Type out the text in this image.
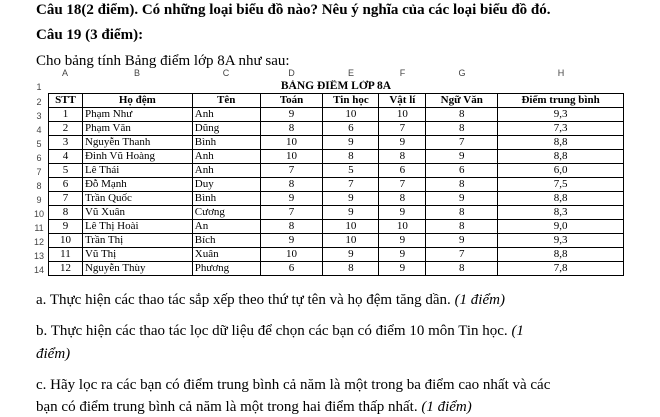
Câu 18(2 điểm). Có những loại biểu đồ nào? Nêu ý nghĩa của các loại biểu đồ đó.
Câu 19 (3 điểm):
Cho bảng tính Bảng điểm lớp 8A như sau:
A	B	C	D	E	F	G	H
1
2
3
4
5
6
7
8
9
10
11
12
13
14
BẢNG ĐIỂM LỚP 8A							
STT	Họ đệm	Tên	Toán	Tin học	Vật lí	Ngữ Văn	Điểm trung bình
1	Phạm Như	Anh	9	10	10	8	9,3
2	Phạm Văn	Dũng	8	6	7	8	7,3
3	Nguyễn Thanh	Bình	10	9	9	7	8,8
4	Đinh Vũ Hoàng	Anh	10	8	8	9	8,8
5	Lê Thái	Anh	7	5	6	6	6,0
6	Đỗ Mạnh	Duy	8	7	7	8	7,5
7	Trần Quốc	Bình	9	9	8	9	8,8
8	Vũ Xuân	Cương	7	9	9	8	8,3
9	Lê Thị Hoài	An	8	10	10	8	9,0
10	Trần Thị	Bích	9	10	9	9	9,3
11	Vũ Thị	Xuân	10	9	9	7	8,8
12	Nguyễn Thùy	Phương	6	8	9	8	7,8
a. Thực hiện các thao tác sắp xếp theo thứ tự tên và họ đệm tăng dần. (1 điểm)
b. Thực hiện các thao tác lọc dữ liệu để chọn các bạn có điểm 10 môn Tin học. (1
điểm)
c. Hãy lọc ra các bạn có điểm trung bình cả năm là một trong ba điểm cao nhất và các
bạn có điểm trung bình cả năm là một trong hai điểm thấp nhất. (1 điểm)
